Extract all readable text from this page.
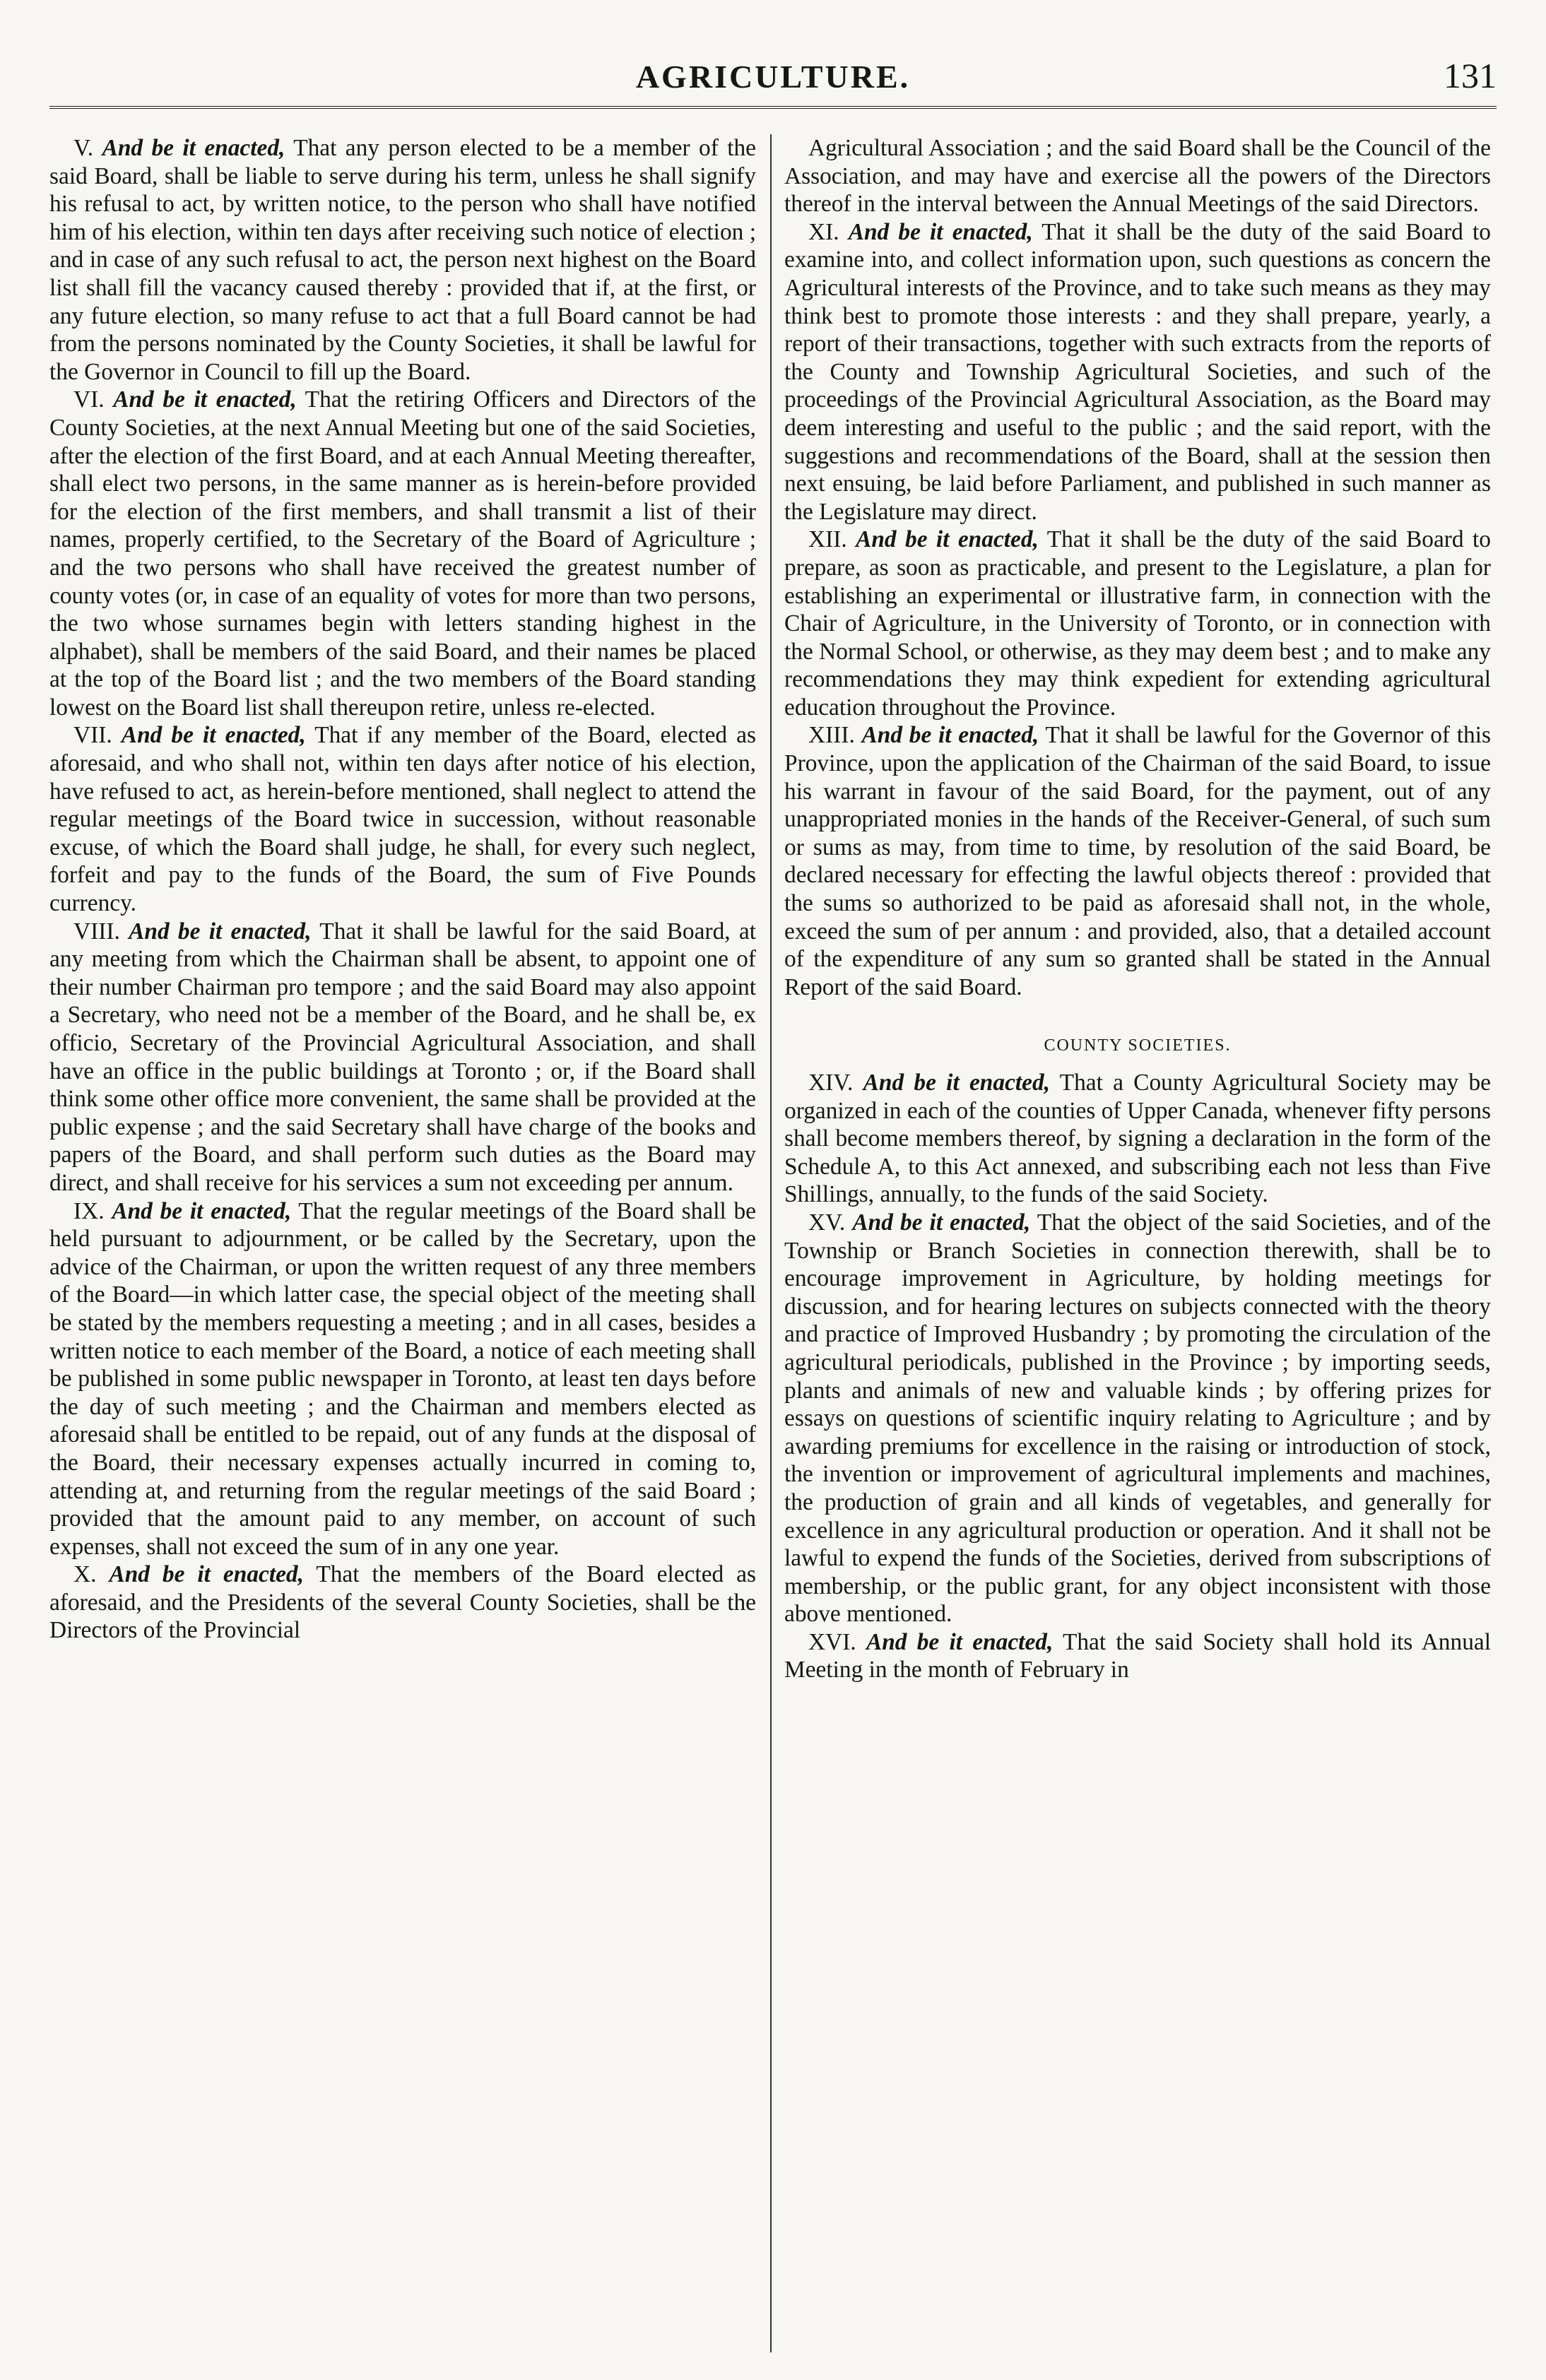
AGRICULTURE.	131

V. And be it enacted, That any person elected to be a member of the said Board, shall be liable to serve during his term, unless he shall signify his refusal to act, by written notice, to the person who shall have notified him of his election, within ten days after receiving such notice of election ; and in case of any such refusal to act, the person next highest on the Board list shall fill the vacancy caused thereby : provided that if, at the first, or any future election, so many refuse to act that a full Board cannot be had from the persons nominated by the County Societies, it shall be lawful for the Governor in Council to fill up the Board.

VI. And be it enacted, That the retiring Officers and Directors of the County Societies, at the next Annual Meeting but one of the said Societies, after the election of the first Board, and at each Annual Meeting thereafter, shall elect two persons, in the same manner as is herein-before provided for the election of the first members, and shall transmit a list of their names, properly certified, to the Secretary of the Board of Agriculture ; and the two persons who shall have received the greatest number of county votes (or, in case of an equality of votes for more than two persons, the two whose surnames begin with letters standing highest in the alphabet), shall be members of the said Board, and their names be placed at the top of the Board list ; and the two members of the Board standing lowest on the Board list shall thereupon retire, unless re-elected.

VII. And be it enacted, That if any member of the Board, elected as aforesaid, and who shall not, within ten days after notice of his election, have refused to act, as herein-before mentioned, shall neglect to attend the regular meetings of the Board twice in succession, without reasonable excuse, of which the Board shall judge, he shall, for every such neglect, forfeit and pay to the funds of the Board, the sum of Five Pounds currency.

VIII. And be it enacted, That it shall be lawful for the said Board, at any meeting from which the Chairman shall be absent, to appoint one of their number Chairman pro tempore ; and the said Board may also appoint a Secretary, who need not be a member of the Board, and he shall be, ex officio, Secretary of the Provincial Agricultural Association, and shall have an office in the public buildings at Toronto ; or, if the Board shall think some other office more convenient, the same shall be provided at the public expense ; and the said Secretary shall have charge of the books and papers of the Board, and shall perform such duties as the Board may direct, and shall receive for his services a sum not exceeding per annum.

IX. And be it enacted, That the regular meetings of the Board shall be held pursuant to adjournment, or be called by the Secretary, upon the advice of the Chairman, or upon the written request of any three members of the Board—in which latter case, the special object of the meeting shall be stated by the members requesting a meeting ; and in all cases, besides a written notice to each member of the Board, a notice of each meeting shall be published in some public newspaper in Toronto, at least ten days before the day of such meeting ; and the Chairman and members elected as aforesaid shall be entitled to be repaid, out of any funds at the disposal of the Board, their necessary expenses actually incurred in coming to, attending at, and returning from the regular meetings of the said Board ; provided that the amount paid to any member, on account of such expenses, shall not exceed the sum of in any one year.

X. And be it enacted, That the members of the Board elected as aforesaid, and the Presidents of the several County Societies, shall be the Directors of the Provincial

Agricultural Association ; and the said Board shall be the Council of the Association, and may have and exercise all the powers of the Directors thereof in the interval between the Annual Meetings of the said Directors.

XI. And be it enacted, That it shall be the duty of the said Board to examine into, and collect information upon, such questions as concern the Agricultural interests of the Province, and to take such means as they may think best to promote those interests : and they shall prepare, yearly, a report of their transactions, together with such extracts from the reports of the County and Township Agricultural Societies, and such of the proceedings of the Provincial Agricultural Association, as the Board may deem interesting and useful to the public ; and the said report, with the suggestions and recommendations of the Board, shall at the session then next ensuing, be laid before Parliament, and published in such manner as the Legislature may direct.

XII. And be it enacted, That it shall be the duty of the said Board to prepare, as soon as practicable, and present to the Legislature, a plan for establishing an experimental or illustrative farm, in connection with the Chair of Agriculture, in the University of Toronto, or in connection with the Normal School, or otherwise, as they may deem best ; and to make any recommendations they may think expedient for extending agricultural education throughout the Province.

XIII. And be it enacted, That it shall be lawful for the Governor of this Province, upon the application of the Chairman of the said Board, to issue his warrant in favour of the said Board, for the payment, out of any unappropriated monies in the hands of the Receiver-General, of such sum or sums as may, from time to time, by resolution of the said Board, be declared necessary for effecting the lawful objects thereof : provided that the sums so authorized to be paid as aforesaid shall not, in the whole, exceed the sum of per annum : and provided, also, that a detailed account of the expenditure of any sum so granted shall be stated in the Annual Report of the said Board.

COUNTY SOCIETIES.

XIV. And be it enacted, That a County Agricultural Society may be organized in each of the counties of Upper Canada, whenever fifty persons shall become members thereof, by signing a declaration in the form of the Schedule A, to this Act annexed, and subscribing each not less than Five Shillings, annually, to the funds of the said Society.

XV. And be it enacted, That the object of the said Societies, and of the Township or Branch Societies in connection therewith, shall be to encourage improvement in Agriculture, by holding meetings for discussion, and for hearing lectures on subjects connected with the theory and practice of Improved Husbandry ; by promoting the circulation of the agricultural periodicals, published in the Province ; by importing seeds, plants and animals of new and valuable kinds ; by offering prizes for essays on questions of scientific inquiry relating to Agriculture ; and by awarding premiums for excellence in the raising or introduction of stock, the invention or improvement of agricultural implements and machines, the production of grain and all kinds of vegetables, and generally for excellence in any agricultural production or operation. And it shall not be lawful to expend the funds of the Societies, derived from subscriptions of membership, or the public grant, for any object inconsistent with those above mentioned.

XVI. And be it enacted, That the said Society shall hold its Annual Meeting in the month of February in
